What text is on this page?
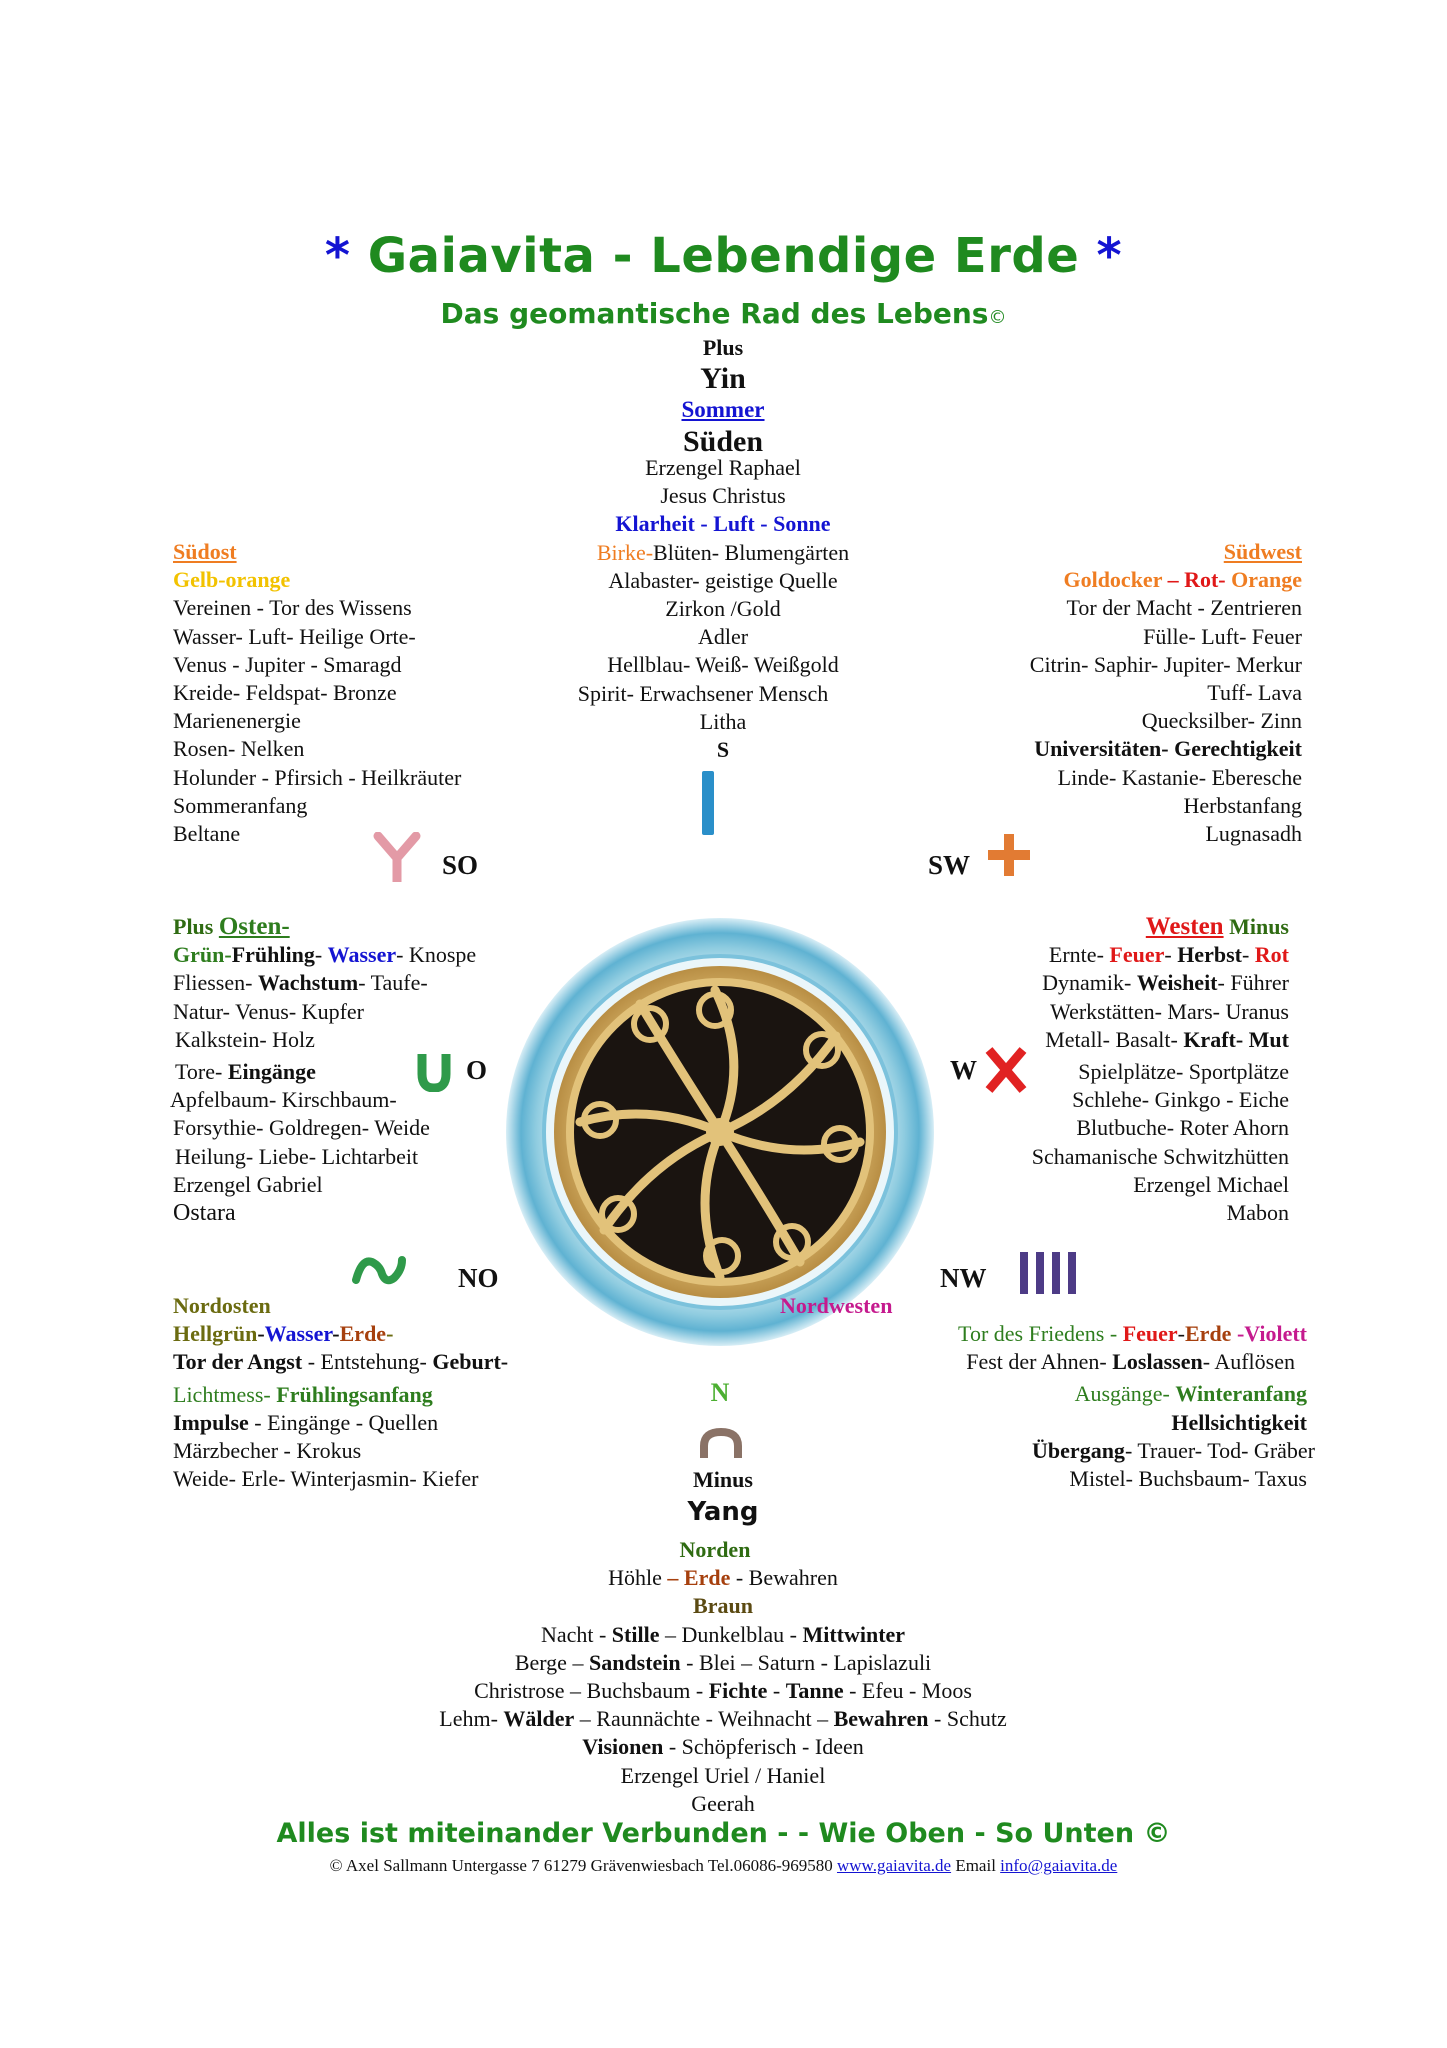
* Gaiavita - Lebendige Erde *
Das geomantische Rad des Lebens©
Plus
Yin
Sommer
Süden
Erzengel Raphael
Jesus Christus
Klarheit - Luft - Sonne
Birke-Blüten- Blumengärten
Alabaster- geistige Quelle
Zirkon /Gold
Adler
Hellblau- Weiß- Weißgold
Spirit- Erwachsener Mensch
Litha
S
Südost
Gelb-orange
Vereinen - Tor des Wissens
Wasser- Luft- Heilige Orte-
Venus - Jupiter - Smaragd
Kreide- Feldspat- Bronze
Marienenergie
Rosen- Nelken
Holunder - Pfirsich - Heilkräuter
Sommeranfang
Beltane
SO
Südwest
Goldocker – Rot- Orange
Tor der Macht - Zentrieren
Fülle- Luft- Feuer
Citrin- Saphir- Jupiter- Merkur
Tuff- Lava
Quecksilber- Zinn
Universitäten- Gerechtigkeit
Linde- Kastanie- Eberesche
Herbstanfang
Lugnasadh
SW
Plus Osten-
Grün-Frühling- Wasser- Knospe
Fliessen- Wachstum- Taufe-
Natur- Venus- Kupfer
Kalkstein- Holz
Tore- Eingänge
Apfelbaum- Kirschbaum-
Forsythie- Goldregen- Weide
Heilung- Liebe- Lichtarbeit
Erzengel Gabriel
Ostara
O
Westen Minus
Ernte- Feuer- Herbst- Rot
Dynamik- Weisheit- Führer
Werkstätten- Mars- Uranus
Metall- Basalt- Kraft- Mut
Spielplätze- Sportplätze
Schlehe- Ginkgo - Eiche
Blutbuche- Roter Ahorn
Schamanische Schwitzhütten
Erzengel Michael
Mabon
W
NO	NW
Nordosten
Hellgrün-Wasser-Erde-
Tor der Angst - Entstehung- Geburt-
Lichtmess- Frühlingsanfang
Impulse - Eingänge - Quellen
Märzbecher - Krokus
Weide- Erle- Winterjasmin- Kiefer
Nordwesten
Tor des Friedens - Feuer-Erde -Violett
Fest der Ahnen- Loslassen- Auflösen
Ausgänge- Winteranfang
Hellsichtigkeit
Übergang- Trauer- Tod- Gräber
Mistel- Buchsbaum- Taxus
N
Minus
Yang
Norden
Höhle – Erde - Bewahren
Braun
Nacht - Stille – Dunkelblau - Mittwinter
Berge – Sandstein - Blei – Saturn - Lapislazuli
Christrose – Buchsbaum - Fichte - Tanne - Efeu - Moos
Lehm- Wälder – Raunnächte - Weihnacht – Bewahren - Schutz
Visionen - Schöpferisch - Ideen
Erzengel Uriel / Haniel
Geerah
Alles ist miteinander Verbunden - - Wie Oben - So Unten ©
© Axel Sallmann Untergasse 7 61279 Grävenwiesbach Tel.06086-969580 www.gaiavita.de Email info@gaiavita.de
